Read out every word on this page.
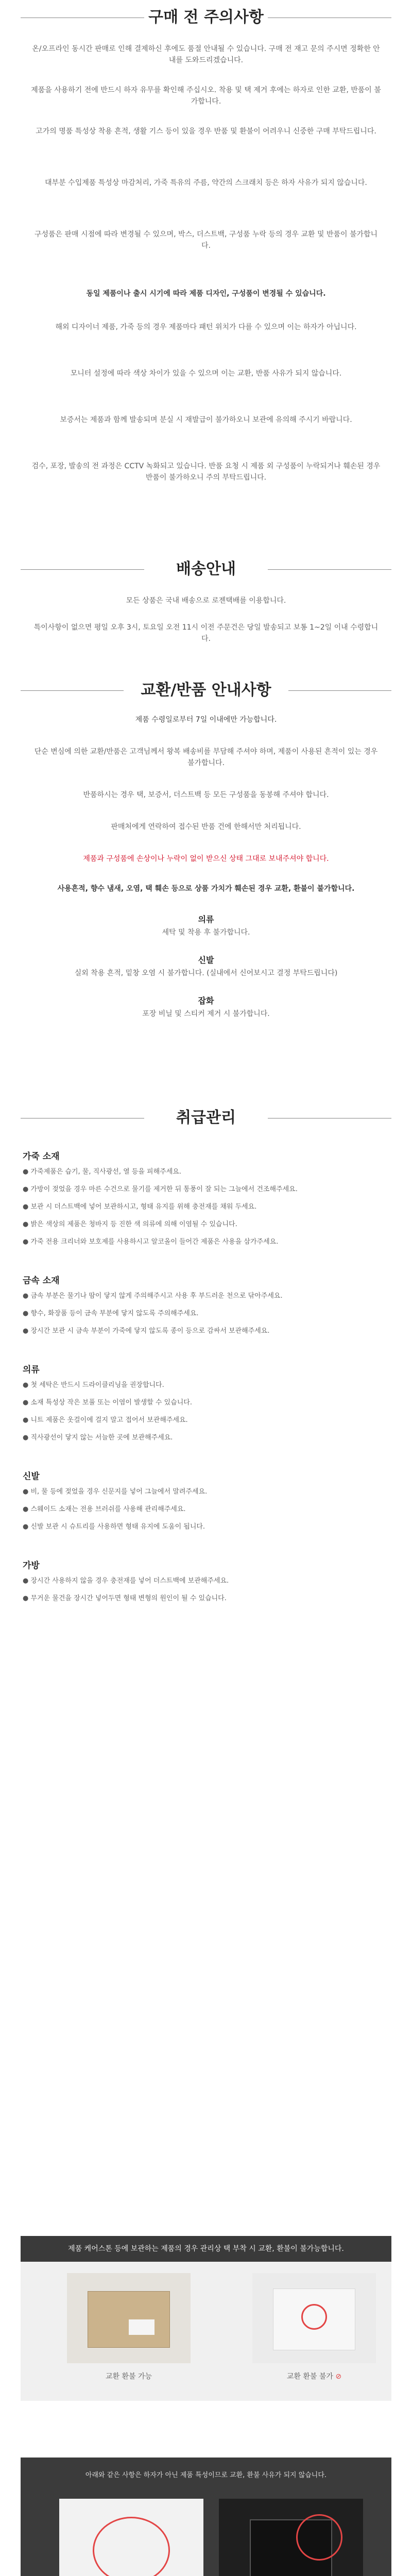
구매 전 주의사항
온/오프라인 동시간 판매로 인해 결제하신 후에도 품절 안내될 수 있습니다. 구매 전 재고 문의 주시면 정확한 안내를 도와드리겠습니다.
제품을 사용하기 전에 반드시 하자 유무를 확인해 주십시오. 착용 및 택 제거 후에는 하자로 인한 교환, 반품이 불가합니다.
고가의 명품 특성상 착용 흔적, 생활 기스 등이 있을 경우 반품 및 환불이 어려우니 신중한 구매 부탁드립니다.
대부분 수입제품 특성상 마감처리, 가죽 특유의 주름, 약간의 스크래치 등은 하자 사유가 되지 않습니다.
구성품은 판매 시점에 따라 변경될 수 있으며, 박스, 더스트백, 구성품 누락 등의 경우 교환 및 반품이 불가합니다.
동일 제품이나 출시 시기에 따라 제품 디자인, 구성품이 변경될 수 있습니다.
해외 디자이너 제품, 가죽 등의 경우 제품마다 패턴 위치가 다를 수 있으며 이는 하자가 아닙니다.
모니터 설정에 따라 색상 차이가 있을 수 있으며 이는 교환, 반품 사유가 되지 않습니다.
보증서는 제품과 함께 발송되며 분실 시 재발급이 불가하오니 보관에 유의해 주시기 바랍니다.
검수, 포장, 발송의 전 과정은 CCTV 녹화되고 있습니다. 반품 요청 시 제품 외 구성품이 누락되거나 훼손된 경우 반품이 불가하오니 주의 부탁드립니다.
배송안내
모든 상품은 국내 배송으로 로젠택배를 이용합니다.
특이사항이 없으면 평일 오후 3시, 토요일 오전 11시 이전 주문건은 당일 발송되고 보통 1~2일 이내 수령합니다.
교환/반품 안내사항
제품 수령일로부터 7일 이내에만 가능합니다.
단순 변심에 의한 교환/반품은 고객님께서 왕복 배송비를 부담해 주셔야 하며, 제품이 사용된 흔적이 있는 경우 불가합니다.
반품하시는 경우 택, 보증서, 더스트백 등 모든 구성품을 동봉해 주셔야 합니다.
판매처에게 연락하여 접수된 반품 건에 한해서만 처리됩니다.
제품과 구성품에 손상이나 누락이 없이 받으신 상태 그대로 보내주셔야 합니다.
사용흔적, 향수 냄새, 오염, 택 훼손 등으로 상품 가치가 훼손된 경우 교환, 환불이 불가합니다.
의류
세탁 및 착용 후 불가합니다.
신발
실외 착용 흔적, 밑창 오염 시 불가합니다. (실내에서 신어보시고 결정 부탁드립니다)
잡화
포장 비닐 및 스티커 제거 시 불가합니다.
취급관리
가죽 소재
● 가죽제품은 습기, 물, 직사광선, 열 등을 피해주세요.
● 가방이 젖었을 경우 마른 수건으로 물기를 제거한 뒤 통풍이 잘 되는 그늘에서 건조해주세요.
● 보관 시 더스트백에 넣어 보관하시고, 형태 유지를 위해 충전재를 채워 두세요.
● 밝은 색상의 제품은 청바지 등 진한 색 의류에 의해 이염될 수 있습니다.
● 가죽 전용 크리너와 보호제를 사용하시고 알코올이 들어간 제품은 사용을 삼가주세요.
금속 소재
● 금속 부분은 물기나 땀이 닿지 않게 주의해주시고 사용 후 부드러운 천으로 닦아주세요.
● 향수, 화장품 등이 금속 부분에 닿지 않도록 주의해주세요.
● 장시간 보관 시 금속 부분이 가죽에 닿지 않도록 종이 등으로 감싸서 보관해주세요.
의류
● 첫 세탁은 반드시 드라이클리닝을 권장합니다.
● 소재 특성상 작은 보풀 또는 이염이 발생할 수 있습니다.
● 니트 제품은 옷걸이에 걸지 말고 접어서 보관해주세요.
● 직사광선이 닿지 않는 서늘한 곳에 보관해주세요.
신발
● 비, 물 등에 젖었을 경우 신문지를 넣어 그늘에서 말려주세요.
● 스웨이드 소재는 전용 브러쉬를 사용해 관리해주세요.
● 신발 보관 시 슈트리를 사용하면 형태 유지에 도움이 됩니다.
가방
● 장시간 사용하지 않을 경우 충전재를 넣어 더스트백에 보관해주세요.
● 무거운 물건을 장시간 넣어두면 형태 변형의 원인이 될 수 있습니다.
제품 케어스톤 등에 보관하는 제품의 경우 관리상 택 부착 시 교환, 환불이 불가능합니다.
교환 환불 가능	교환 환불 불가 ⊘
아래와 같은 사항은 하자가 아닌 제품 특성이므로 교환, 환불 사유가 되지 않습니다.
